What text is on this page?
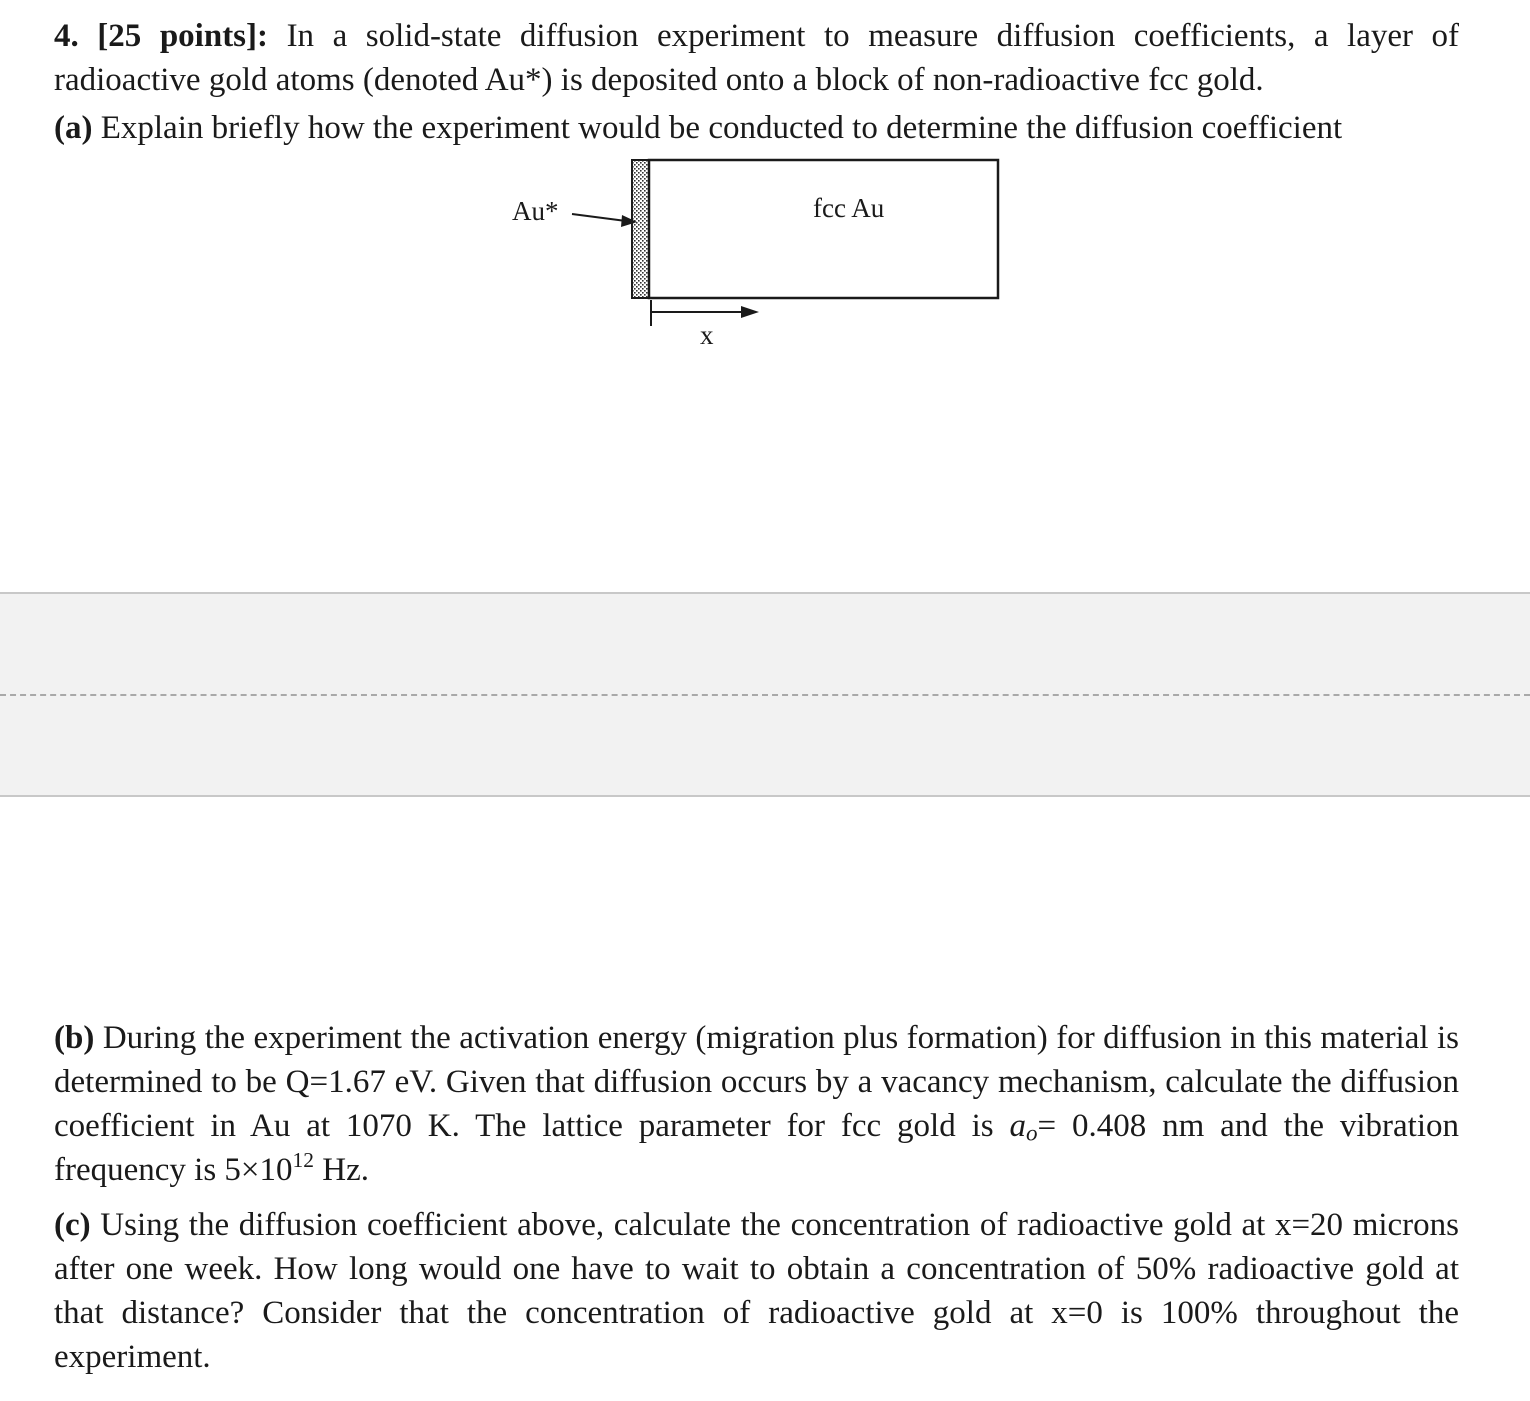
4. [25 points]: In a solid-state diffusion experiment to measure diffusion coefficients, a layer of radioactive gold atoms (denoted Au*) is deposited onto a block of non-radioactive fcc gold.

(a) Explain briefly how the experiment would be conducted to determine the diffusion coefficient

Au*	fcc Au
x

(b) During the experiment the activation energy (migration plus formation) for diffusion in this material is determined to be Q=1.67 eV. Given that diffusion occurs by a vacancy mechanism, calculate the diffusion coefficient in Au at 1070 K. The lattice parameter for fcc gold is $a_o= 0.408$ nm and the vibration frequency is $5\times 10^{12}$ Hz.

(c) Using the diffusion coefficient above, calculate the concentration of radioactive gold at x=20 microns after one week. How long would one have to wait to obtain a concentration of 50% radioactive gold at that distance? Consider that the concentration of radioactive gold at x=0 is 100% throughout the experiment.
